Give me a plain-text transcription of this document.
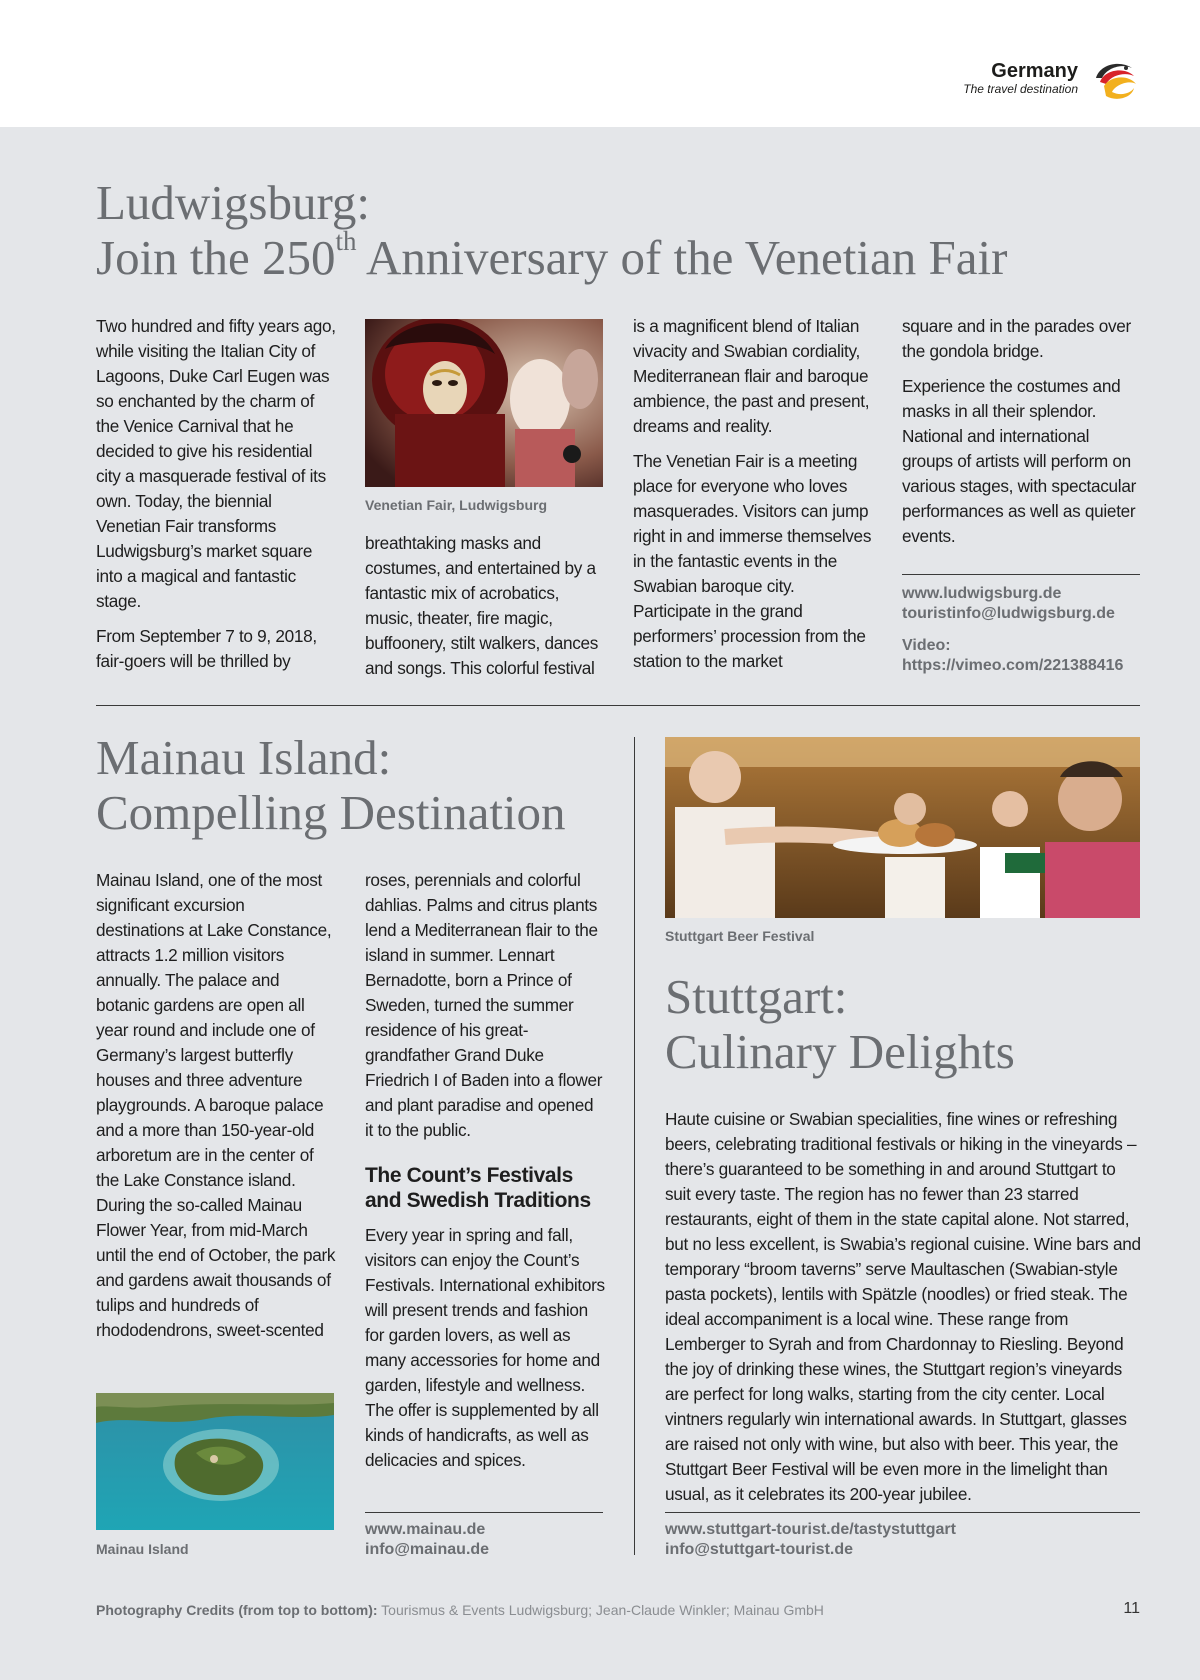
Germany
The travel destination
Ludwigsburg:
Join the 250th Anniversary of the Venetian Fair

Two hundred and fifty years ago, while visiting the Italian City of Lagoons, Duke Carl Eugen was so enchanted by the charm of the Venice Carnival that he decided to give his residential city a masquerade festival of its own. Today, the biennial Venetian Fair transforms Ludwigsburg’s market square into a magical and fantastic stage.

From September 7 to 9, 2018, fair-goers will be thrilled by

Venetian Fair, Ludwigsburg

breathtaking masks and costumes, and entertained by a fantastic mix of acrobatics, music, theater, fire magic, buffoonery, stilt walkers, dances and songs. This colorful festival

is a magnificent blend of Italian vivacity and Swabian cordiality, Mediterranean flair and baroque ambience, the past and present, dreams and reality.

The Venetian Fair is a meeting place for everyone who loves masquerades. Visitors can jump right in and immerse themselves in the fantastic events in the Swabian baroque city. Participate in the grand performers’ procession from the station to the market

square and in the parades over the gondola bridge.

Experience the costumes and masks in all their splendor. National and international groups of artists will perform on various stages, with spectacular performances as well as quieter events.

www.ludwigsburg.de
touristinfo@ludwigsburg.de
Video:
https://vimeo.com/221388416
Mainau Island:
Compelling Destination

Mainau Island, one of the most significant excursion destinations at Lake Constance, attracts 1.2 million visitors annually. The palace and botanic gardens are open all year round and include one of Germany’s largest butterfly houses and three adventure playgrounds. A baroque palace and a more than 150-year-old arboretum are in the center of the Lake Constance island. During the so-called Mainau Flower Year, from mid-March until the end of October, the park and gardens await thousands of tulips and hundreds of rhododendrons, sweet-scented

Mainau Island

roses, perennials and colorful dahlias. Palms and citrus plants lend a Mediterranean flair to the island in summer. Lennart Bernadotte, born a Prince of Sweden, turned the summer residence of his great-grandfather Grand Duke Friedrich I of Baden into a flower and plant paradise and opened it to the public.

The Count’s Festivals and Swedish Traditions

Every year in spring and fall, visitors can enjoy the Count’s Festivals. International exhibitors will present trends and fashion for garden lovers, as well as many accessories for home and garden, lifestyle and wellness. The offer is supplemented by all kinds of handicrafts, as well as delicacies and spices.

www.mainau.de
info@mainau.de
Stuttgart Beer Festival
Stuttgart:
Culinary Delights

Haute cuisine or Swabian specialities, fine wines or refreshing beers, celebrating traditional festivals or hiking in the vineyards – there’s guaranteed to be something in and around Stuttgart to suit every taste. The region has no fewer than 23 starred restaurants, eight of them in the state capital alone. Not starred, but no less excellent, is Swabia’s regional cuisine. Wine bars and temporary “broom taverns” serve Maultaschen (Swabian-style pasta pockets), lentils with Spätzle (noodles) or fried steak. The ideal accompaniment is a local wine. These range from Lemberger to Syrah and from Chardonnay to Riesling. Beyond the joy of drinking these wines, the Stuttgart region’s vineyards are perfect for long walks, starting from the city center. Local vintners regularly win international awards. In Stuttgart, glasses are raised not only with wine, but also with beer. This year, the Stuttgart Beer Festival will be even more in the limelight than usual, as it celebrates its 200-year jubilee.

www.stuttgart-tourist.de/tastystuttgart
info@stuttgart-tourist.de
Photography Credits (from top to bottom): Tourismus & Events Ludwigsburg; Jean-Claude Winkler; Mainau GmbH	11
